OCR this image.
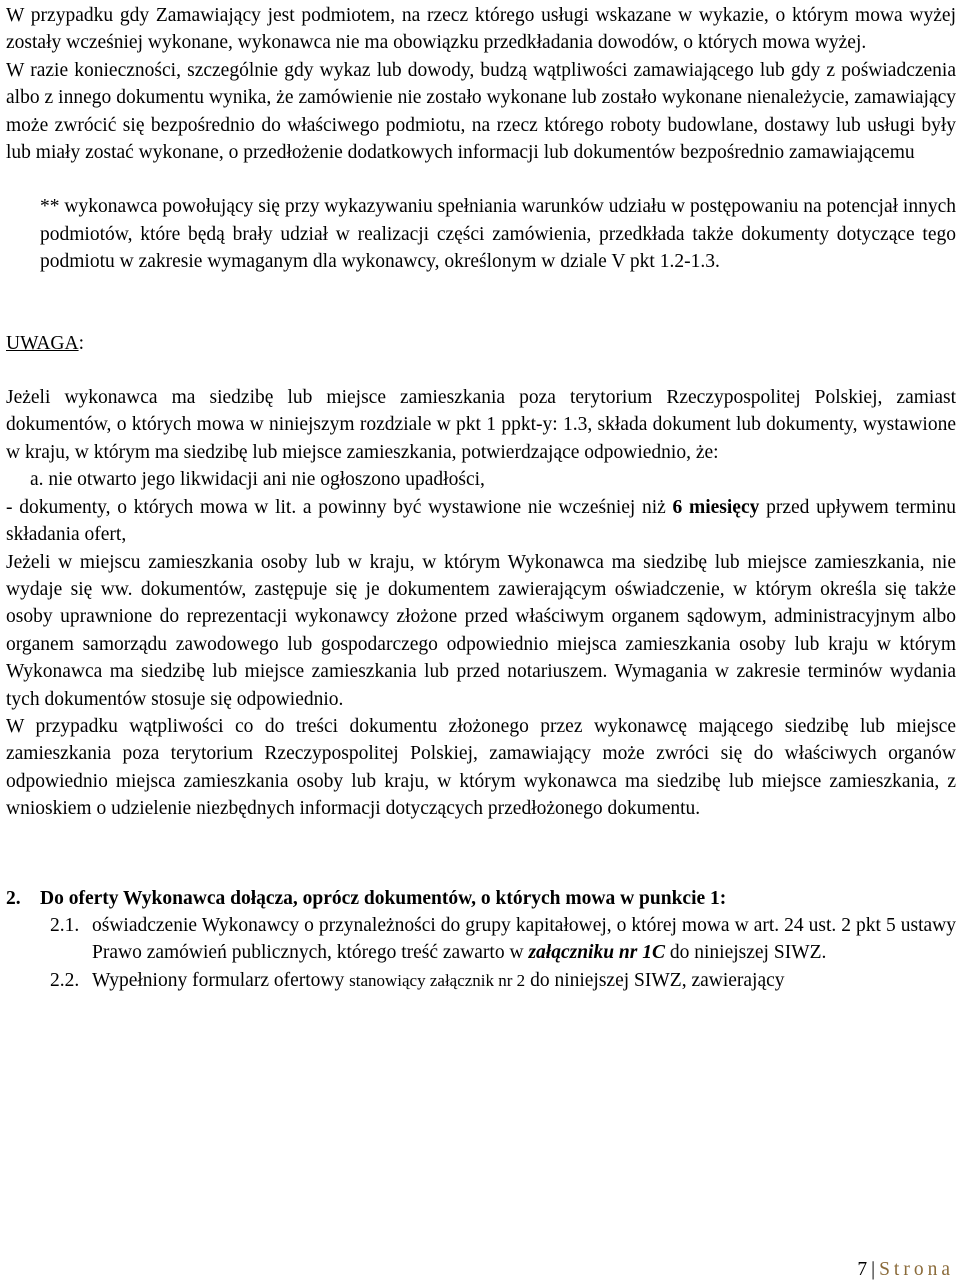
W przypadku gdy Zamawiający jest podmiotem, na rzecz którego usługi wskazane w wykazie, o którym mowa wyżej zostały wcześniej wykonane, wykonawca nie ma obowiązku przedkładania dowodów, o których mowa wyżej.

W razie konieczności, szczególnie gdy wykaz lub dowody, budzą wątpliwości zamawiającego lub gdy z poświadczenia albo z innego dokumentu wynika, że zamówienie nie zostało wykonane lub zostało wykonane nienależycie, zamawiający może zwrócić się bezpośrednio do właściwego podmiotu, na rzecz którego roboty budowlane, dostawy lub usługi były lub miały zostać wykonane, o przedłożenie dodatkowych informacji lub dokumentów bezpośrednio zamawiającemu

** wykonawca powołujący się przy wykazywaniu spełniania warunków udziału w postępowaniu na potencjał innych podmiotów, które będą brały udział w realizacji części zamówienia, przedkłada także dokumenty dotyczące tego podmiotu w zakresie wymaganym dla wykonawcy, określonym w dziale V pkt 1.2-1.3.

UWAGA:

Jeżeli wykonawca ma siedzibę lub miejsce zamieszkania poza terytorium Rzeczypospolitej Polskiej, zamiast dokumentów, o których mowa w niniejszym rozdziale w pkt 1 ppkt-y: 1.3, składa dokument lub dokumenty, wystawione w kraju, w którym ma siedzibę lub miejsce zamieszkania, potwierdzające odpowiednio, że:

a. nie otwarto jego likwidacji ani nie ogłoszono upadłości,

- dokumenty, o których mowa w lit. a powinny być wystawione nie wcześniej niż 6 miesięcy przed upływem terminu składania ofert,

Jeżeli w miejscu zamieszkania osoby lub w kraju, w którym Wykonawca ma siedzibę lub miejsce zamieszkania, nie wydaje się ww. dokumentów, zastępuje się je dokumentem zawierającym oświadczenie, w którym określa się także osoby uprawnione do reprezentacji wykonawcy złożone przed właściwym organem sądowym, administracyjnym albo organem samorządu zawodowego lub gospodarczego odpowiednio miejsca zamieszkania osoby lub kraju w którym Wykonawca ma siedzibę lub miejsce zamieszkania lub przed notariuszem. Wymagania w zakresie terminów wydania tych dokumentów stosuje się odpowiednio.

W przypadku wątpliwości co do treści dokumentu złożonego przez wykonawcę mającego siedzibę lub miejsce zamieszkania poza terytorium Rzeczypospolitej Polskiej, zamawiający może zwróci się do właściwych organów odpowiednio miejsca zamieszkania osoby lub kraju, w którym wykonawca ma siedzibę lub miejsce zamieszkania, z wnioskiem o udzielenie niezbędnych informacji dotyczących przedłożonego dokumentu.

2. Do oferty Wykonawca dołącza, oprócz dokumentów, o których mowa w punkcie 1:
2.1. oświadczenie Wykonawcy o przynależności do grupy kapitałowej, o której mowa w art. 24 ust. 2 pkt 5 ustawy Prawo zamówień publicznych, którego treść zawarto w załączniku nr 1C do niniejszej SIWZ.
2.2. Wypełniony formularz ofertowy stanowiący załącznik nr 2 do niniejszej SIWZ, zawierający
7 | Strona
